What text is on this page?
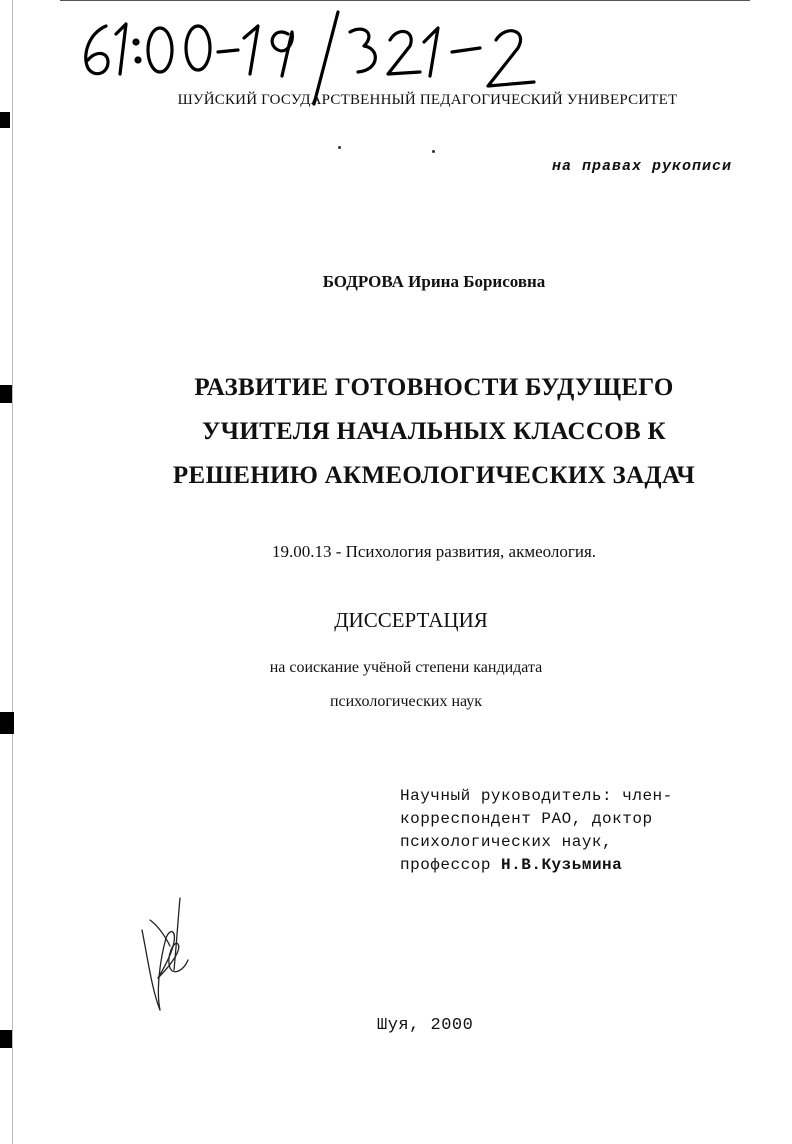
ШУЙСКИЙ ГОСУДАРСТВЕННЫЙ ПЕДАГОГИЧЕСКИЙ УНИВЕРСИТЕТ
на правах рукописи
БОДРОВА Ирина Борисовна
РАЗВИТИЕ ГОТОВНОСТИ БУДУЩЕГО
УЧИТЕЛЯ НАЧАЛЬНЫХ КЛАССОВ К
РЕШЕНИЮ АКМЕОЛОГИЧЕСКИХ ЗАДАЧ
19.00.13 - Психология развития, акмеология.
ДИССЕРТАЦИЯ
на соискание учёной степени кандидата
психологических наук
Научный руководитель: член-
корреспондент РАО, доктор
психологических наук,
профессор Н.В.Кузьмина
Шуя, 2000
